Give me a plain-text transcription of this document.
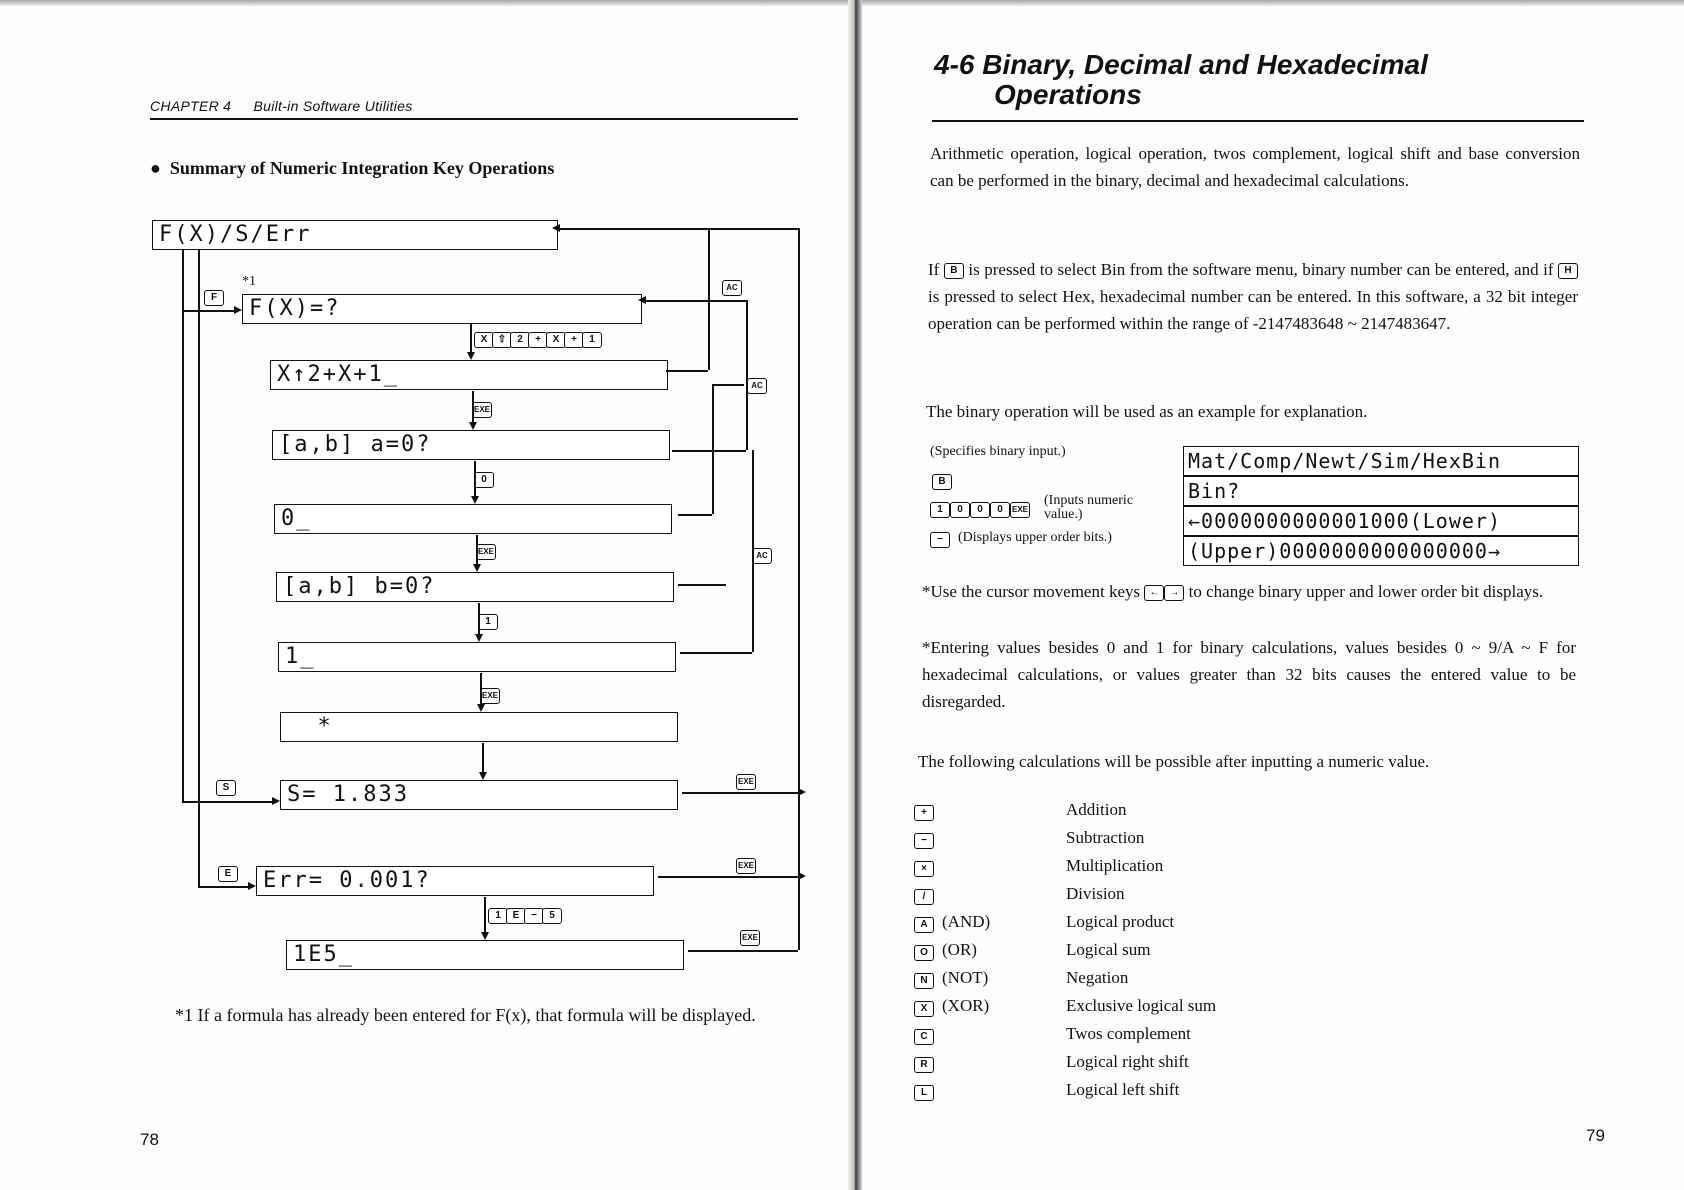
CHAPTER 4 Built-in Software Utilities
●  Summary of Numeric Integration Key Operations
F(X)/S/Err
F(X)=?
X↑2+X+1_
[a,b] a=0?
0_
[a,b] b=0?
1_
*
S= 1.833
Err= 0.001?
1E5_
*1
F
S
E
AC
AC
AC
EXE
EXE
EXE
EXE
EXE
EXE
X	⇧	2	+	X	+	1
0
1
1	E	−	5
*1 If a formula has already been entered for F(x), that formula will be displayed.
78
4-6 Binary, Decimal and Hexadecimal
Operations
Arithmetic operation, logical operation, twos complement, logical shift and base conversion can be performed in the binary, decimal and hexadecimal calculations.
If B is pressed to select Bin from the software menu, binary number can be entered, and if H is pressed to select Hex, hexadecimal number can be entered. In this software, a 32 bit integer operation can be performed within the range of -2147483648 ~ 2147483647.
The binary operation will be used as an example for explanation.
(Specifies binary input.)
B
1	0	0	0	EXE
(Inputs numeric value.)
−	(Displays upper order bits.)
Mat/Comp/Newt/Sim/HexBin
Bin?
←0000000000001000(Lower)
(Upper)0000000000000000→
*Use the cursor movement keys ← → to change binary upper and lower order bit displays.
*Entering values besides 0 and 1 for binary calculations, values besides 0 ~ 9/A ~ F for hexadecimal calculations, or values greater than 32 bits causes the entered value to be disregarded.
The following calculations will be possible after inputting a numeric value.
+	Addition
−	Subtraction
×	Multiplication
/	Division
A (AND)	Logical product
O (OR)	Logical sum
N (NOT)	Negation
X (XOR)	Exclusive logical sum
C	Twos complement
R	Logical right shift
L	Logical left shift
79
